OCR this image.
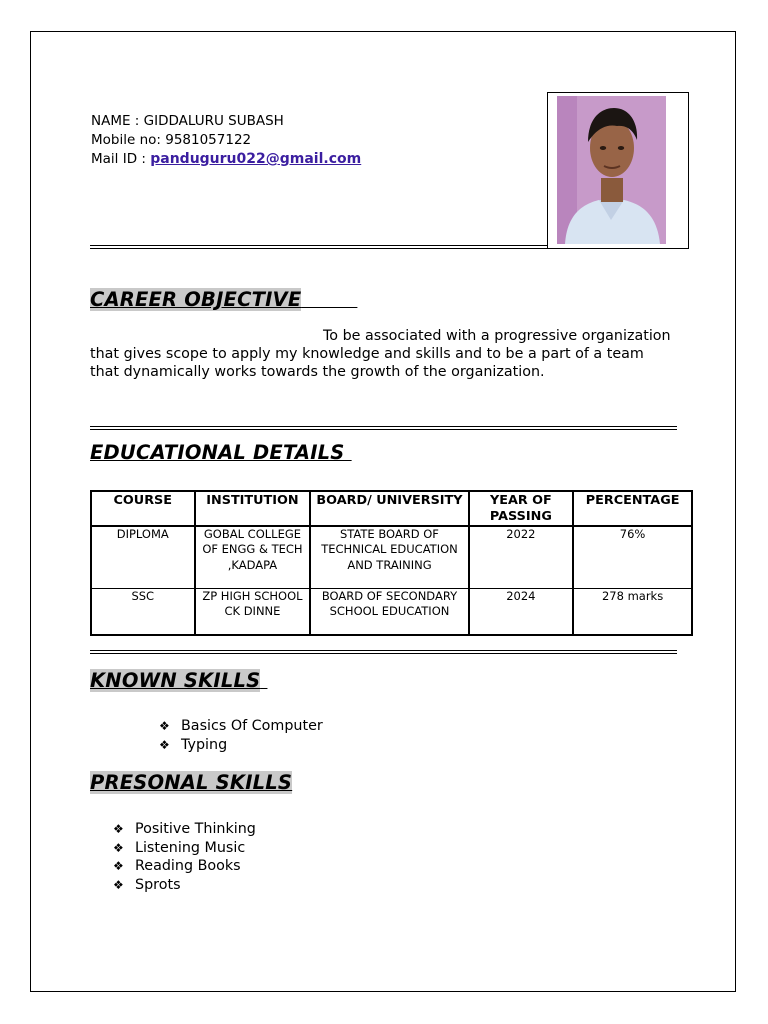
NAME : GIDDALURU SUBASH
Mobile no: 9581057122
Mail ID : panduguru022@gmail.com
CAREER OBJECTIVE
To be associated with a progressive organization that gives scope to apply my knowledge and skills and to be a part of a team that dynamically works towards the growth of the organization.
EDUCATIONAL DETAILS
COURSE	INSTITUTION	BOARD/ UNIVERSITY	YEAR OF PASSING	PERCENTAGE
DIPLOMA	GOBAL COLLEGE OF ENGG & TECH ,KADAPA	STATE BOARD OF TECHNICAL EDUCATION AND TRAINING	2022	76%
SSC	ZP HIGH SCHOOL CK DINNE	BOARD OF SECONDARY SCHOOL EDUCATION	2024	278 marks
KNOWN SKILLS
❖ Basics Of Computer
❖ Typing
PRESONAL SKILLS
❖ Positive Thinking
❖ Listening Music
❖ Reading Books
❖ Sprots
